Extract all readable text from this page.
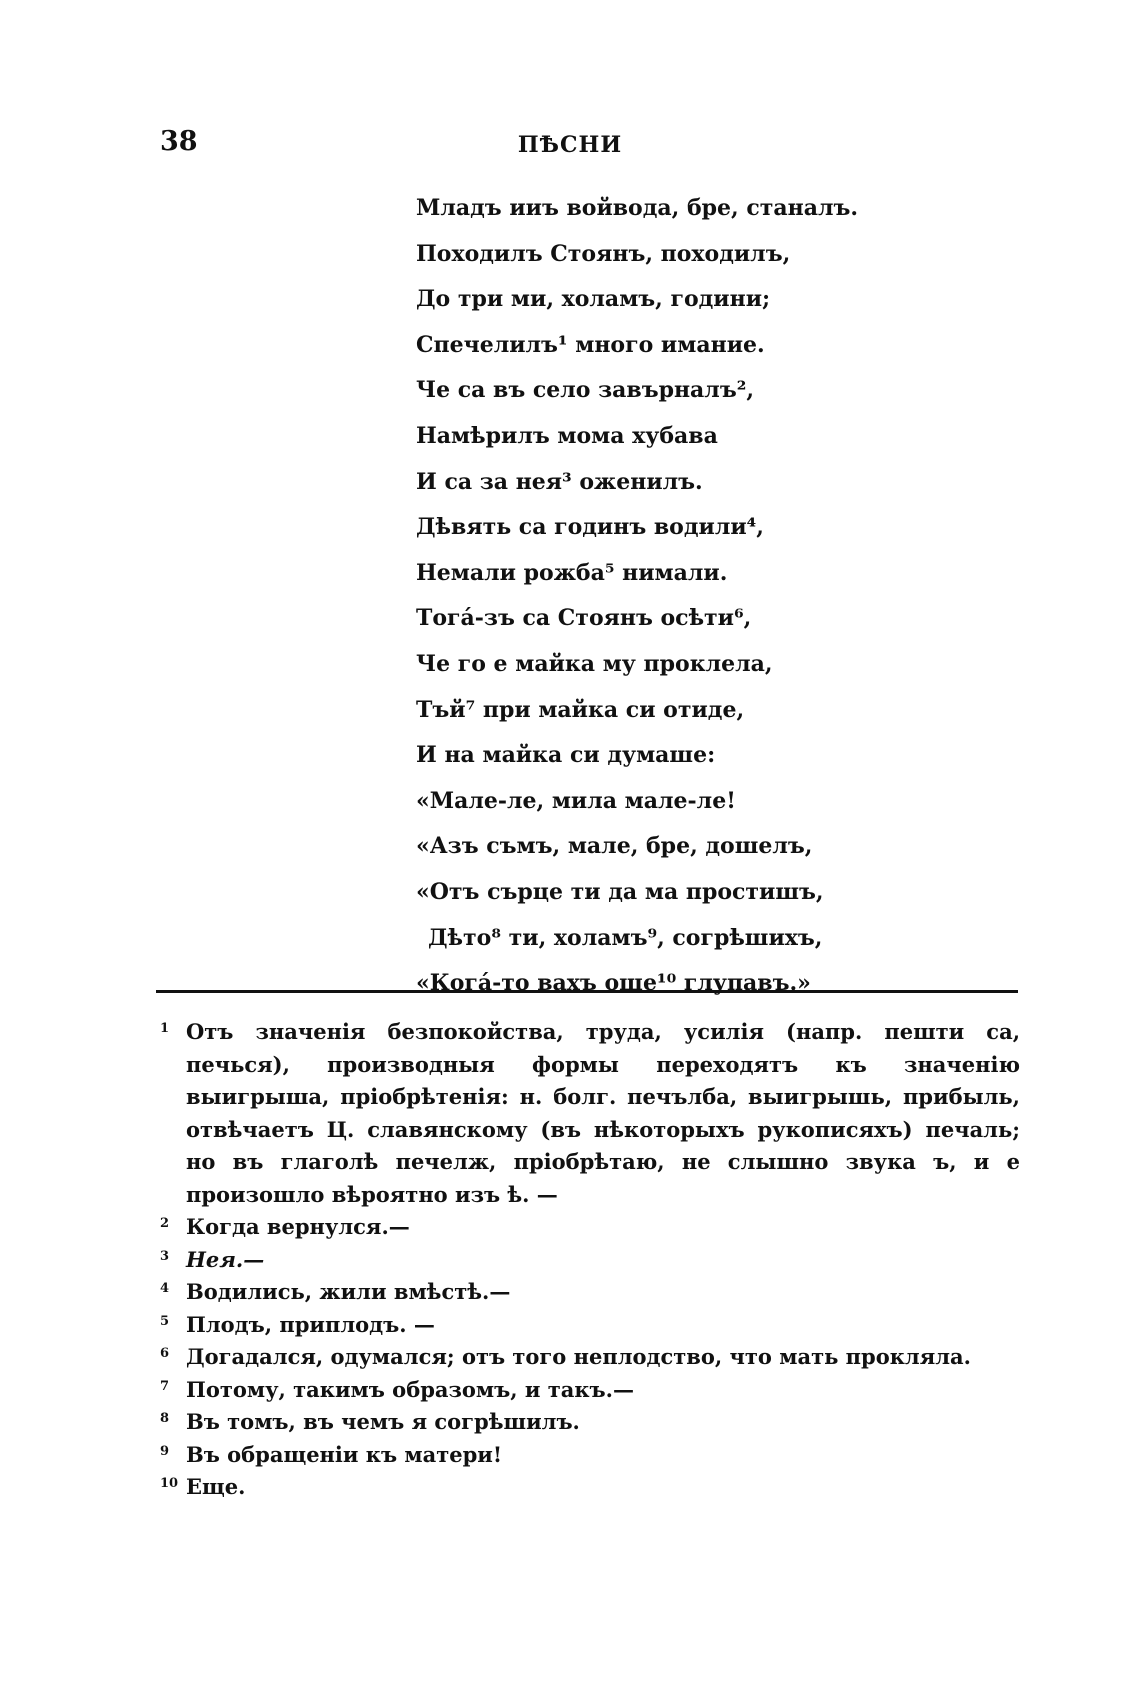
38	ПѢСНИ
Младъ ииъ войвода, бре, станалъ.
Походилъ Стоянъ, походилъ,
До три ми, холамъ, години;
Спечелилъ¹ много имание.
Че са въ село завърналъ²,
Намѣрилъ мома хубава
И са за нея³ оженилъ.
Дѣвять са годинъ водили⁴,
Немали рожба⁵ нимали.
Тогá-зъ са Стоянъ осѣти⁶,
Че го е майка му проклела,
Тъй⁷ при майка си отиде,
И на майка си думаше:
«Мале-ле, мила мале-ле!
«Азъ съмъ, мале, бре, дошелъ,
«Отъ сърце ти да ма простишъ,
Дѣто⁸ ти, холамъ⁹, согрѣшихъ,
«Когá-то вахъ още¹⁰ глупавъ.»
1 Отъ значенія безпокойства, труда, усилія (напр. пешти са, печься), производныя формы переходятъ къ значенію выигрыша, пріобрѣтенія: н. болг. печълба, выигрышь, прибыль, отвѣчаетъ Ц. славянскому (въ нѣкоторыхъ рукописяхъ) печаль; но въ глаголѣ печелж, пріобрѣтаю, не слышно звука ъ, и е произошло вѣроятно изъ ѣ. —
2 Когда вернулся.—
3 Нея.—
4 Водились, жили вмѣстѣ.—
5 Плодъ, приплодъ. —
6 Догадался, одумался; отъ того неплодство, что мать прокляла.
7 Потому, такимъ образомъ, и такъ.—
8 Въ томъ, въ чемъ я согрѣшилъ.
9 Въ обращеніи къ матери!
10 Еще.
